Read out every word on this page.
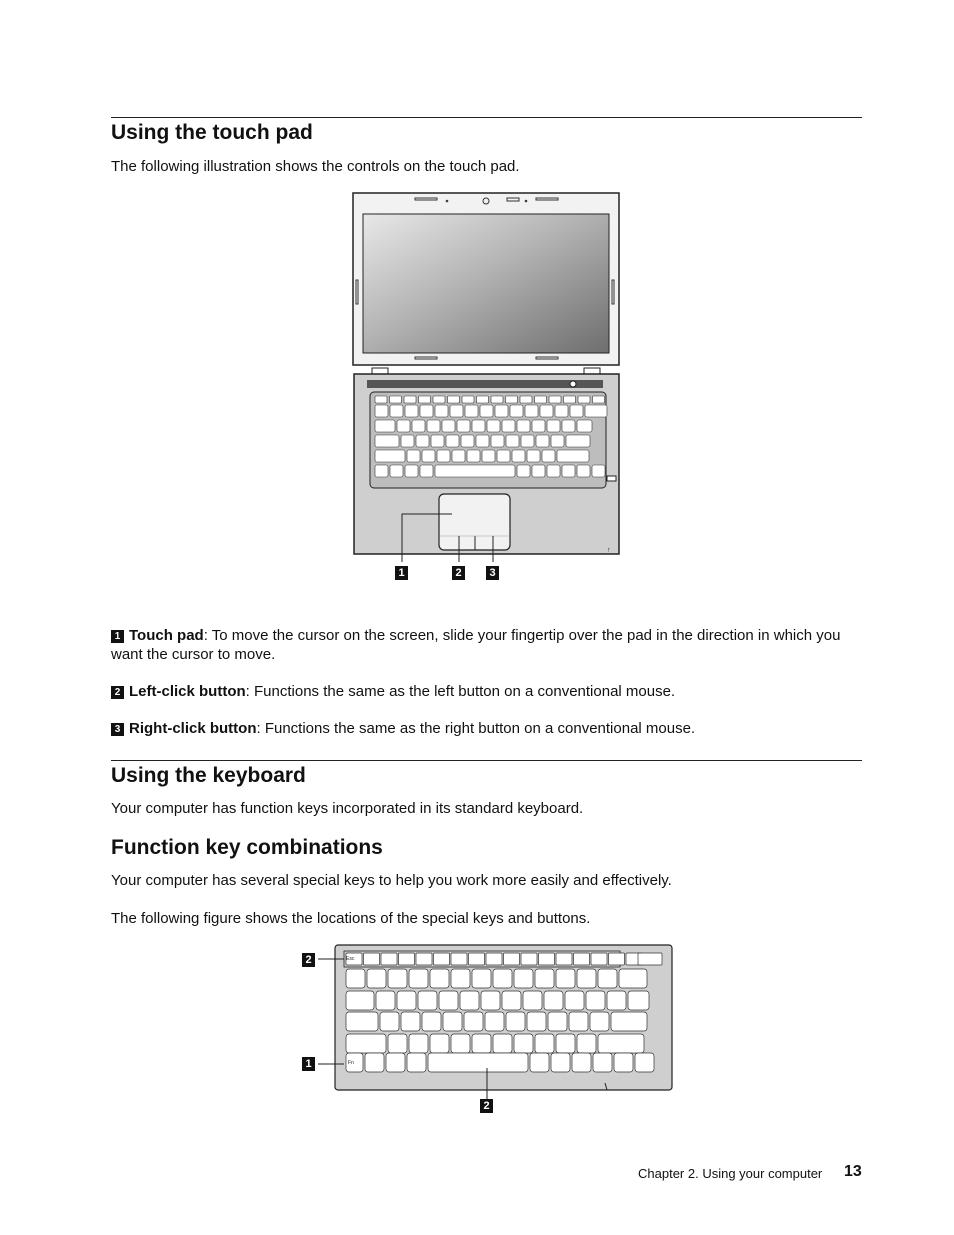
Using the touch pad

The following illustration shows the controls on the touch pad.

↑
1	2	3

1 Touch pad: To move the cursor on the screen, slide your fingertip over the pad in the direction in which you want the cursor to move.

2 Left-click button: Functions the same as the left button on a conventional mouse.

3 Right-click button: Functions the same as the right button on a conventional mouse.

Using the keyboard

Your computer has function keys incorporated in its standard keyboard.

Function key combinations

Your computer has several special keys to help you work more easily and effectively.

The following figure shows the locations of the special keys and buttons.

Esc
Fn
2
1
2
Chapter 2. Using your computer 13
